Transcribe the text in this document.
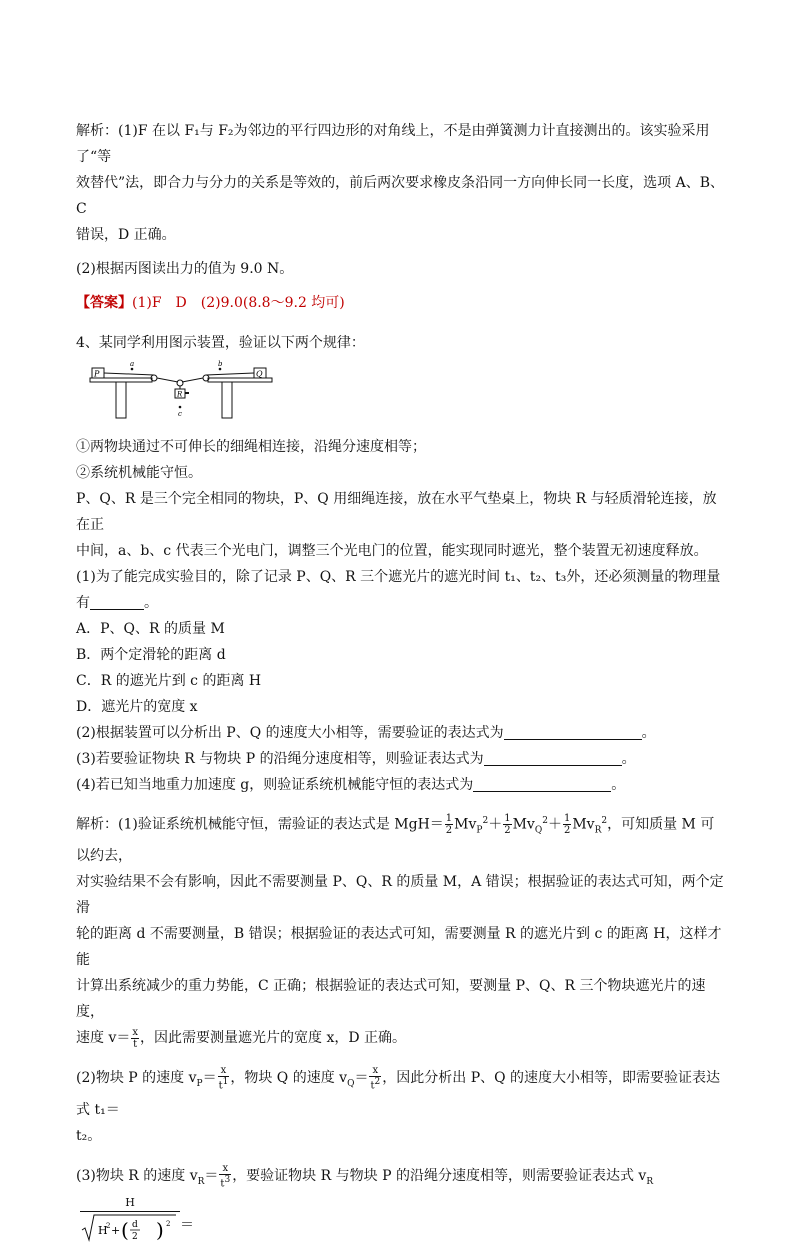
解析：(1)F 在以 F₁与 F₂为邻边的平行四边形的对角线上，不是由弹簧测力计直接测出的。该实验采用了“等

效替代”法，即合力与分力的关系是等效的，前后两次要求橡皮条沿同一方向伸长同一长度，选项 A、B、C

错误，D 正确。

(2)根据丙图读出力的值为 9.0 N。

【答案】(1)F　D　(2)9.0(8.8～9.2 均可)

4、某同学利用图示装置，验证以下两个规律：

P	Q
R
a	b
c

①两物块通过不可伸长的细绳相连接，沿绳分速度相等；

②系统机械能守恒。

P、Q、R 是三个完全相同的物块，P、Q 用细绳连接，放在水平气垫桌上，物块 R 与轻质滑轮连接，放在正

中间，a、b、c 代表三个光电门，调整三个光电门的位置，能实现同时遮光，整个装置无初速度释放。

(1)为了能完成实验目的，除了记录 P、Q、R 三个遮光片的遮光时间 t₁、t₂、t₃外，还必须测量的物理量有	。

A．P、Q、R 的质量 M

B．两个定滑轮的距离 d

C．R 的遮光片到 c 的距离 H

D．遮光片的宽度 x

(2)根据装置可以分析出 P、Q 的速度大小相等，需要验证的表达式为	。

(3)若要验证物块 R 与物块 P 的沿绳分速度相等，则验证表达式为	。

(4)若已知当地重力加速度 g，则验证系统机械能守恒的表达式为	。

解析：(1)验证系统机械能守恒，需验证的表达式是 $MgH= \frac{1}{2} Mv_P^2+ \frac{1}{2} Mv_Q^2+ \frac{1}{2} Mv_R^2$，可知质量 M 可以约去，

对实验结果不会有影响，因此不需要测量 P、Q、R 的质量 M，A 错误；根据验证的表达式可知，两个定滑

轮的距离 d 不需要测量，B 错误；根据验证的表达式可知，需要测量 R 的遮光片到 c 的距离 H，这样才能

计算出系统减少的重力势能，C 正确；根据验证的表达式可知，要测量 P、Q、R 三个物块遮光片的速度，

速度 $v= \frac{x}{t}$ ，因此需要测量遮光片的宽度 x，D 正确。

(2)物块 P 的速度 $v_P= \frac{x}{t^1}$ ，物块 Q 的速度 $v_Q= \frac{x}{t^2}$ ，因此分析出 P、Q 的速度大小相等，即需要验证表达式 t₁＝

t₂。

(3)物块 R 的速度 $v_R= \frac{x}{t^3}$ ，要验证物块 R 与物块 P 的沿绳分速度相等，则需要验证表达式 $v_R$
H
H
2 + ( d
2 ) 2 ＝
